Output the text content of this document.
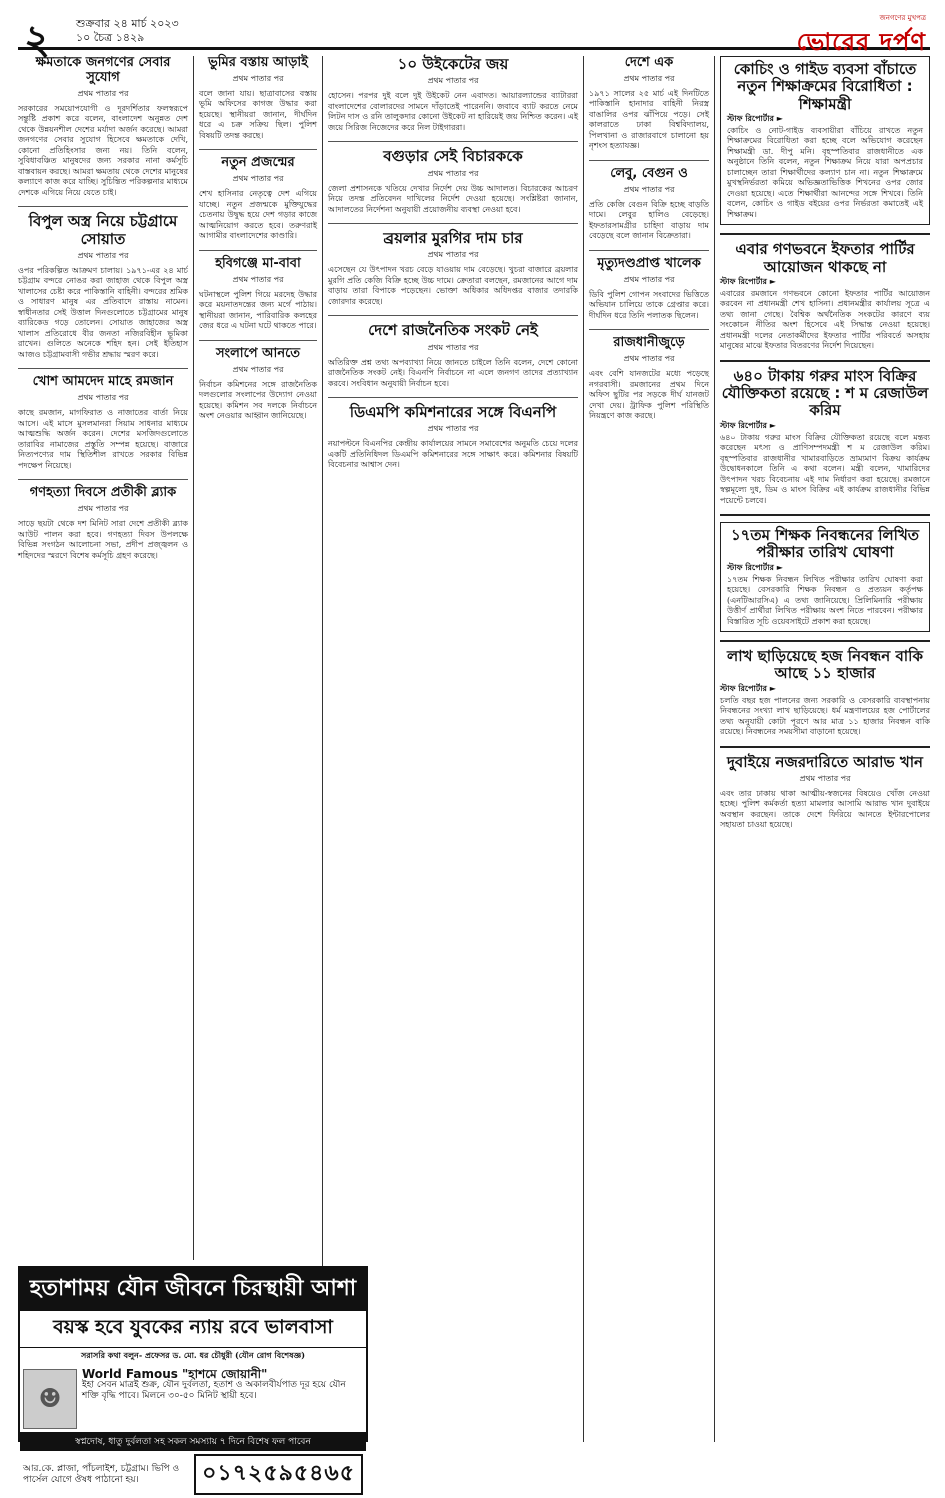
২ শুক্রবার ২৪ মার্চ ২০২৩
১০ চৈত্র ১৪২৯
জনগণের মুখপত্র
ভোরের দর্পণ
ক্ষমতাকে জনগণের সেবার সুযোগ
প্রথম পাতার পর
সরকারের সময়োপযোগী ও দূরদর্শিতার ফলস্বরূপে সন্তুষ্টি প্রকাশ করে বলেন, বাংলাদেশ অনুন্নত দেশ থেকে উন্নয়নশীল দেশের মর্যাদা অর্জন করেছে। আমরা জনগণের সেবার সুযোগ হিসেবে ক্ষমতাকে দেখি, কোনো প্রতিহিংসার জন্য নয়। তিনি বলেন, সুবিধাবঞ্চিত মানুষদের জন্য সরকার নানা কর্মসূচি বাস্তবায়ন করছে। আমরা ক্ষমতায় থেকে দেশের মানুষের কল্যাণে কাজ করে যাচ্ছি। সুচিন্তিত পরিকল্পনার মাধ্যমে দেশকে এগিয়ে নিয়ে যেতে চাই।
বিপুল অস্ত্র নিয়ে চট্টগ্রামে সোয়াত
প্রথম পাতার পর
ওপর পরিকল্পিত আক্রমণ চালায়। ১৯৭১-এর ২৪ মার্চ চট্টগ্রাম বন্দরে নোঙর করা জাহাজ থেকে বিপুল অস্ত্র খালাসের চেষ্টা করে পাকিস্তানি বাহিনী। বন্দরের শ্রমিক ও সাধারণ মানুষ এর প্রতিবাদে রাস্তায় নামেন। স্বাধীনতার সেই উত্তাল দিনগুলোতে চট্টগ্রামের মানুষ ব্যারিকেড গড়ে তোলেন। সোয়াত জাহাজের অস্ত্র খালাস প্রতিরোধে বীর জনতা নজিরবিহীন ভূমিকা রাখেন। গুলিতে অনেকে শহিদ হন। সেই ইতিহাস আজও চট্টগ্রামবাসী গভীর শ্রদ্ধায় স্মরণ করে।
খোশ আমদেদ মাহে রমজান
প্রথম পাতার পর
কাছে রমজান, মাগফিরাত ও নাজাতের বার্তা নিয়ে আসে। এই মাসে মুসলমানরা সিয়াম সাধনার মাধ্যমে আত্মশুদ্ধি অর্জন করেন। দেশের মসজিদগুলোতে তারাবির নামাজের প্রস্তুতি সম্পন্ন হয়েছে। বাজারে নিত্যপণ্যের দাম স্থিতিশীল রাখতে সরকার বিভিন্ন পদক্ষেপ নিয়েছে।
গণহত্যা দিবসে প্রতীকী ব্ল্যাক
প্রথম পাতার পর
সাড়ে ছয়টা থেকে দশ মিনিট সারা দেশে প্রতীকী ব্ল্যাক আউট পালন করা হবে। গণহত্যা দিবস উপলক্ষে বিভিন্ন সংগঠন আলোচনা সভা, প্রদীপ প্রজ্জ্বলন ও শহিদদের স্মরণে বিশেষ কর্মসূচি গ্রহণ করেছে।
ভুমির বস্তায় আড়াই
প্রথম পাতার পর
বলে জানা যায়। ছাত্রাবাসের বস্তায় ভূমি অফিসের কাগজ উদ্ধার করা হয়েছে। স্থানীয়রা জানান, দীর্ঘদিন ধরে এ চক্র সক্রিয় ছিল। পুলিশ বিষয়টি তদন্ত করছে।
নতুন প্রজন্মের
প্রথম পাতার পর
শেখ হাসিনার নেতৃত্বে দেশ এগিয়ে যাচ্ছে। নতুন প্রজন্মকে মুক্তিযুদ্ধের চেতনায় উদ্বুদ্ধ হয়ে দেশ গড়ার কাজে আত্মনিয়োগ করতে হবে। তরুণরাই আগামীর বাংলাদেশের কাণ্ডারি।
হবিগঞ্জে মা-বাবা
প্রথম পাতার পর
ঘটনাস্থলে পুলিশ গিয়ে মরদেহ উদ্ধার করে ময়নাতদন্তের জন্য মর্গে পাঠায়। স্থানীয়রা জানান, পারিবারিক কলহের জের ধরে এ ঘটনা ঘটে থাকতে পারে।
সংলাপে আনতে
প্রথম পাতার পর
নির্বাচন কমিশনের সঙ্গে রাজনৈতিক দলগুলোর সংলাপের উদ্যোগ নেওয়া হয়েছে। কমিশন সব দলকে নির্বাচনে অংশ নেওয়ার আহ্বান জানিয়েছে।
১০ উইকেটের জয়
প্রথম পাতার পর
হোসেন। পরপর দুই বলে দুই উইকেট নেন এবাদত। আয়ারল্যান্ডের ব্যাটাররা বাংলাদেশের বোলারদের সামনে দাঁড়াতেই পারেননি। জবাবে ব্যাট করতে নেমে লিটন দাস ও রনি তালুকদার কোনো উইকেট না হারিয়েই জয় নিশ্চিত করেন। এই জয়ে সিরিজ নিজেদের করে নিল টাইগাররা।
বগুড়ার সেই বিচারককে
প্রথম পাতার পর
জেলা প্রশাসনকে খতিয়ে দেখার নির্দেশ দেয় উচ্চ আদালত। বিচারকের আচরণ নিয়ে তদন্ত প্রতিবেদন দাখিলের নির্দেশ দেওয়া হয়েছে। সংশ্লিষ্টরা জানান, আদালতের নির্দেশনা অনুযায়ী প্রয়োজনীয় ব্যবস্থা নেওয়া হবে।
ব্রয়লার মুরগির দাম চার
প্রথম পাতার পর
এসেছেন যে উৎপাদন খরচ বেড়ে যাওয়ায় দাম বেড়েছে। খুচরা বাজারে ব্রয়লার মুরগি প্রতি কেজি বিক্রি হচ্ছে উচ্চ দামে। ক্রেতারা বলছেন, রমজানের আগে দাম বাড়ায় তারা বিপাকে পড়েছেন। ভোক্তা অধিকার অধিদপ্তর বাজার তদারকি জোরদার করেছে।
দেশে রাজনৈতিক সংকট নেই
প্রথম পাতার পর
অতিরিক্ত প্রশ্ন তথ্য অপব্যাখ্যা নিয়ে জানতে চাইলে তিনি বলেন, দেশে কোনো রাজনৈতিক সংকট নেই। বিএনপি নির্বাচনে না এলে জনগণ তাদের প্রত্যাখ্যান করবে। সংবিধান অনুযায়ী নির্বাচন হবে।
ডিএমপি কমিশনারের সঙ্গে বিএনপি
প্রথম পাতার পর
নয়াপল্টনে বিএনপির কেন্দ্রীয় কার্যালয়ের সামনে সমাবেশের অনুমতি চেয়ে দলের একটি প্রতিনিধিদল ডিএমপি কমিশনারের সঙ্গে সাক্ষাৎ করে। কমিশনার বিষয়টি বিবেচনার আশ্বাস দেন।
দেশে এক
প্রথম পাতার পর
১৯৭১ সালের ২৫ মার্চ এই দিনটিতে পাকিস্তানি হানাদার বাহিনী নিরস্ত্র বাঙালির ওপর ঝাঁপিয়ে পড়ে। সেই কালরাতে ঢাকা বিশ্ববিদ্যালয়, পিলখানা ও রাজারবাগে চালানো হয় নৃশংস হত্যাযজ্ঞ।
লেবু, বেগুন ও
প্রথম পাতার পর
প্রতি কেজি বেগুন বিক্রি হচ্ছে বাড়তি দামে। লেবুর হালিও বেড়েছে। ইফতারসামগ্রীর চাহিদা বাড়ায় দাম বেড়েছে বলে জানান বিক্রেতারা।
মৃত্যুদণ্ডপ্রাপ্ত খালেক
প্রথম পাতার পর
ডিবি পুলিশ গোপন সংবাদের ভিত্তিতে অভিযান চালিয়ে তাকে গ্রেপ্তার করে। দীর্ঘদিন ধরে তিনি পলাতক ছিলেন।
রাজধানীজুড়ে
প্রথম পাতার পর
এবং বেশি যানজটের মধ্যে পড়েছে নগরবাসী। রমজানের প্রথম দিনে অফিস ছুটির পর সড়কে দীর্ঘ যানজট দেখা দেয়। ট্রাফিক পুলিশ পরিস্থিতি নিয়ন্ত্রণে কাজ করছে।
কোচিং ও গাইড ব্যবসা বাঁচাতে নতুন শিক্ষাক্রমের বিরোধিতা : শিক্ষামন্ত্রী
স্টাফ রিপোর্টার ►
কোচিং ও নোট-গাইড ব্যবসায়ীরা বাঁচিয়ে রাখতে নতুন শিক্ষাক্রমের বিরোধিতা করা হচ্ছে বলে অভিযোগ করেছেন শিক্ষামন্ত্রী ডা. দীপু মনি। বৃহস্পতিবার রাজধানীতে এক অনুষ্ঠানে তিনি বলেন, নতুন শিক্ষাক্রম নিয়ে যারা অপপ্রচার চালাচ্ছেন তারা শিক্ষার্থীদের কল্যাণ চান না। নতুন শিক্ষাক্রমে মুখস্থনির্ভরতা কমিয়ে অভিজ্ঞতাভিত্তিক শিখনের ওপর জোর দেওয়া হয়েছে। এতে শিক্ষার্থীরা আনন্দের সঙ্গে শিখবে। তিনি বলেন, কোচিং ও গাইড বইয়ের ওপর নির্ভরতা কমাতেই এই শিক্ষাক্রম।
এবার গণভবনে ইফতার পার্টির আয়োজন থাকছে না
স্টাফ রিপোর্টার ►
এবারের রমজানে গণভবনে কোনো ইফতার পার্টির আয়োজন করবেন না প্রধানমন্ত্রী শেখ হাসিনা। প্রধানমন্ত্রীর কার্যালয় সূত্রে এ তথ্য জানা গেছে। বৈশ্বিক অর্থনৈতিক সংকটের কারণে ব্যয় সংকোচন নীতির অংশ হিসেবে এই সিদ্ধান্ত নেওয়া হয়েছে। প্রধানমন্ত্রী দলের নেতাকর্মীদের ইফতার পার্টির পরিবর্তে অসহায় মানুষের মাঝে ইফতার বিতরণের নির্দেশ দিয়েছেন।
৬৪০ টাকায় গরুর মাংস বিক্রির যৌক্তিকতা রয়েছে : শ ম রেজাউল করিম
স্টাফ রিপোর্টার ►
৬৪০ টাকায় গরুর মাংস বিক্রির যৌক্তিকতা রয়েছে বলে মন্তব্য করেছেন মৎস্য ও প্রাণিসম্পদমন্ত্রী শ ম রেজাউল করিম। বৃহস্পতিবার রাজধানীর খামারবাড়িতে ভ্রাম্যমাণ বিক্রয় কার্যক্রম উদ্বোধনকালে তিনি এ কথা বলেন। মন্ত্রী বলেন, খামারিদের উৎপাদন খরচ বিবেচনায় এই দাম নির্ধারণ করা হয়েছে। রমজানে স্বল্পমূল্যে দুধ, ডিম ও মাংস বিক্রির এই কার্যক্রম রাজধানীর বিভিন্ন পয়েন্টে চলবে।
১৭তম শিক্ষক নিবন্ধনের লিখিত পরীক্ষার তারিখ ঘোষণা
স্টাফ রিপোর্টার ►
১৭তম শিক্ষক নিবন্ধন লিখিত পরীক্ষার তারিখ ঘোষণা করা হয়েছে। বেসরকারি শিক্ষক নিবন্ধন ও প্রত্যয়ন কর্তৃপক্ষ (এনটিআরসিএ) এ তথ্য জানিয়েছে। প্রিলিমিনারি পরীক্ষায় উত্তীর্ণ প্রার্থীরা লিখিত পরীক্ষায় অংশ নিতে পারবেন। পরীক্ষার বিস্তারিত সূচি ওয়েবসাইটে প্রকাশ করা হয়েছে।
লাখ ছাড়িয়েছে হজ নিবন্ধন বাকি আছে ১১ হাজার
স্টাফ রিপোর্টার ►
চলতি বছর হজ পালনের জন্য সরকারি ও বেসরকারি ব্যবস্থাপনায় নিবন্ধনের সংখ্যা লাখ ছাড়িয়েছে। ধর্ম মন্ত্রণালয়ের হজ পোর্টালের তথ্য অনুযায়ী কোটা পূরণে আর মাত্র ১১ হাজার নিবন্ধন বাকি রয়েছে। নিবন্ধনের সময়সীমা বাড়ানো হয়েছে।
দুবাইয়ে নজরদারিতে আরাভ খান
প্রথম পাতার পর
এবং তার ঢাকায় থাকা আত্মীয়-স্বজনের বিষয়েও খোঁজ নেওয়া হচ্ছে। পুলিশ কর্মকর্তা হত্যা মামলার আসামি আরাভ খান দুবাইয়ে অবস্থান করছেন। তাকে দেশে ফিরিয়ে আনতে ইন্টারপোলের সহায়তা চাওয়া হয়েছে।
হতাশাময় যৌন জীবনে চিরস্থায়ী আশা
বয়স্ক হবে যুবকের ন্যায় রবে ভালবাসা
সরাসরি কথা বলুন- প্রফেসর ড. মো. ধর চৌধুরী (যৌন রোগ বিশেষজ্ঞ)
☻
World Famous "হাশমে জোয়ানী"
ইহা সেবন মাত্রই শুক্র, যৌন দুর্বলতা, হতাশ ও অকালবীর্যপাত দূর হয়ে যৌন শক্তি বৃদ্ধি পাবে। মিলনে ৩০-৫০ মিনিট স্থায়ী হবে।
স্বপ্নদোষ, ধাতু দুর্বলতা সহ সকল সমস্যায় ৭ দিনে বিশেষ ফল পাবেন
আর.কে. প্লাজা, পাঁচলাইশ, চট্টগ্রাম। ভিপি ও পার্সেল যোগে ঔষধ পাঠানো হয়।	০১৭২৫৯৫৪৬৫
